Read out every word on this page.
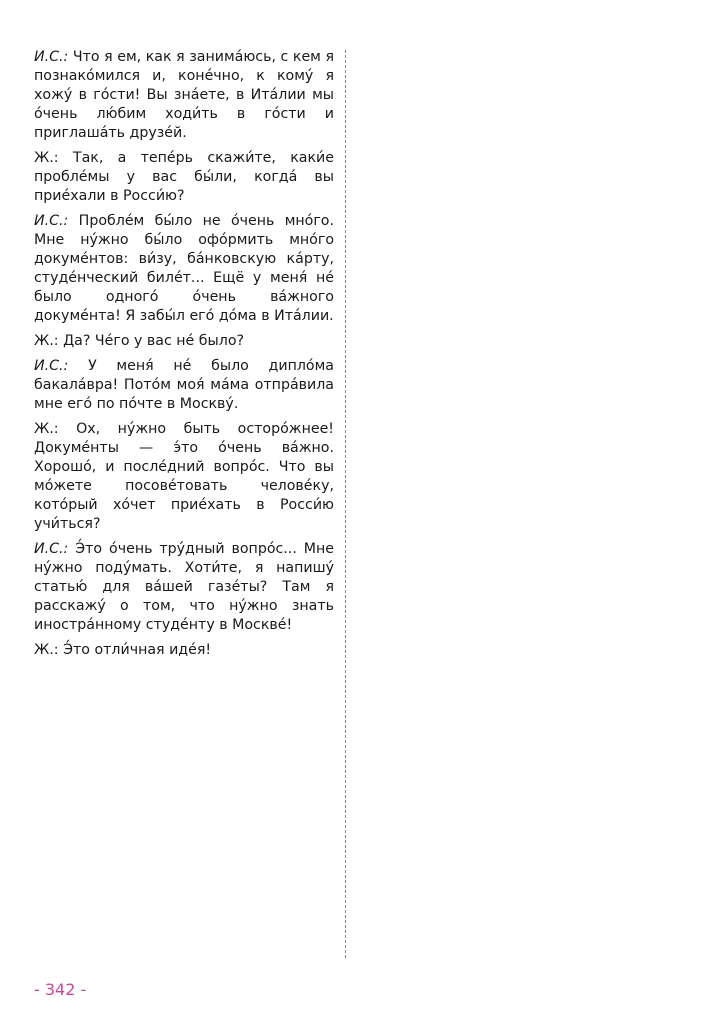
И.С.: Что я ем, как я занима́юсь, с кем я познако́мился и, коне́чно, к кому́ я хожу́ в го́сти! Вы зна́ете, в Ита́лии мы о́чень лю́бим ходи́ть в го́сти и приглаша́ть друзе́й.

Ж.: Так, а тепе́рь скажи́те, каки́е пробле́мы у вас бы́ли, когда́ вы прие́хали в Росси́ю?

И.С.: Пробле́м бы́ло не о́чень мно́го. Мне ну́жно бы́ло офо́рмить мно́го докуме́нтов: ви́зу, ба́нковскую ка́рту, студе́нческий биле́т... Ещё у меня́ не́ было одного́ о́чень ва́жного докуме́нта! Я забы́л его́ до́ма в Ита́лии.

Ж.: Да? Че́го у вас не́ было?

И.С.: У меня́ не́ было дипло́ма бакала́вра! Пото́м моя́ ма́ма отпра́вила мне его́ по по́чте в Москву́.

Ж.: Ох, ну́жно быть осторо́жнее! Докуме́нты — э́то о́чень ва́жно. Хорошо́, и после́дний вопро́с. Что вы мо́жете посове́товать челове́ку, кото́рый хо́чет прие́хать в Росси́ю учи́ться?

И.С.: Э́то о́чень тру́дный вопро́с... Мне ну́жно поду́мать. Хоти́те, я напишу́ статью́ для ва́шей газе́ты? Там я расскажу́ о том, что ну́жно знать иностра́нному студе́нту в Москве́!

Ж.: Э́то отли́чная иде́я!

- 342 -
